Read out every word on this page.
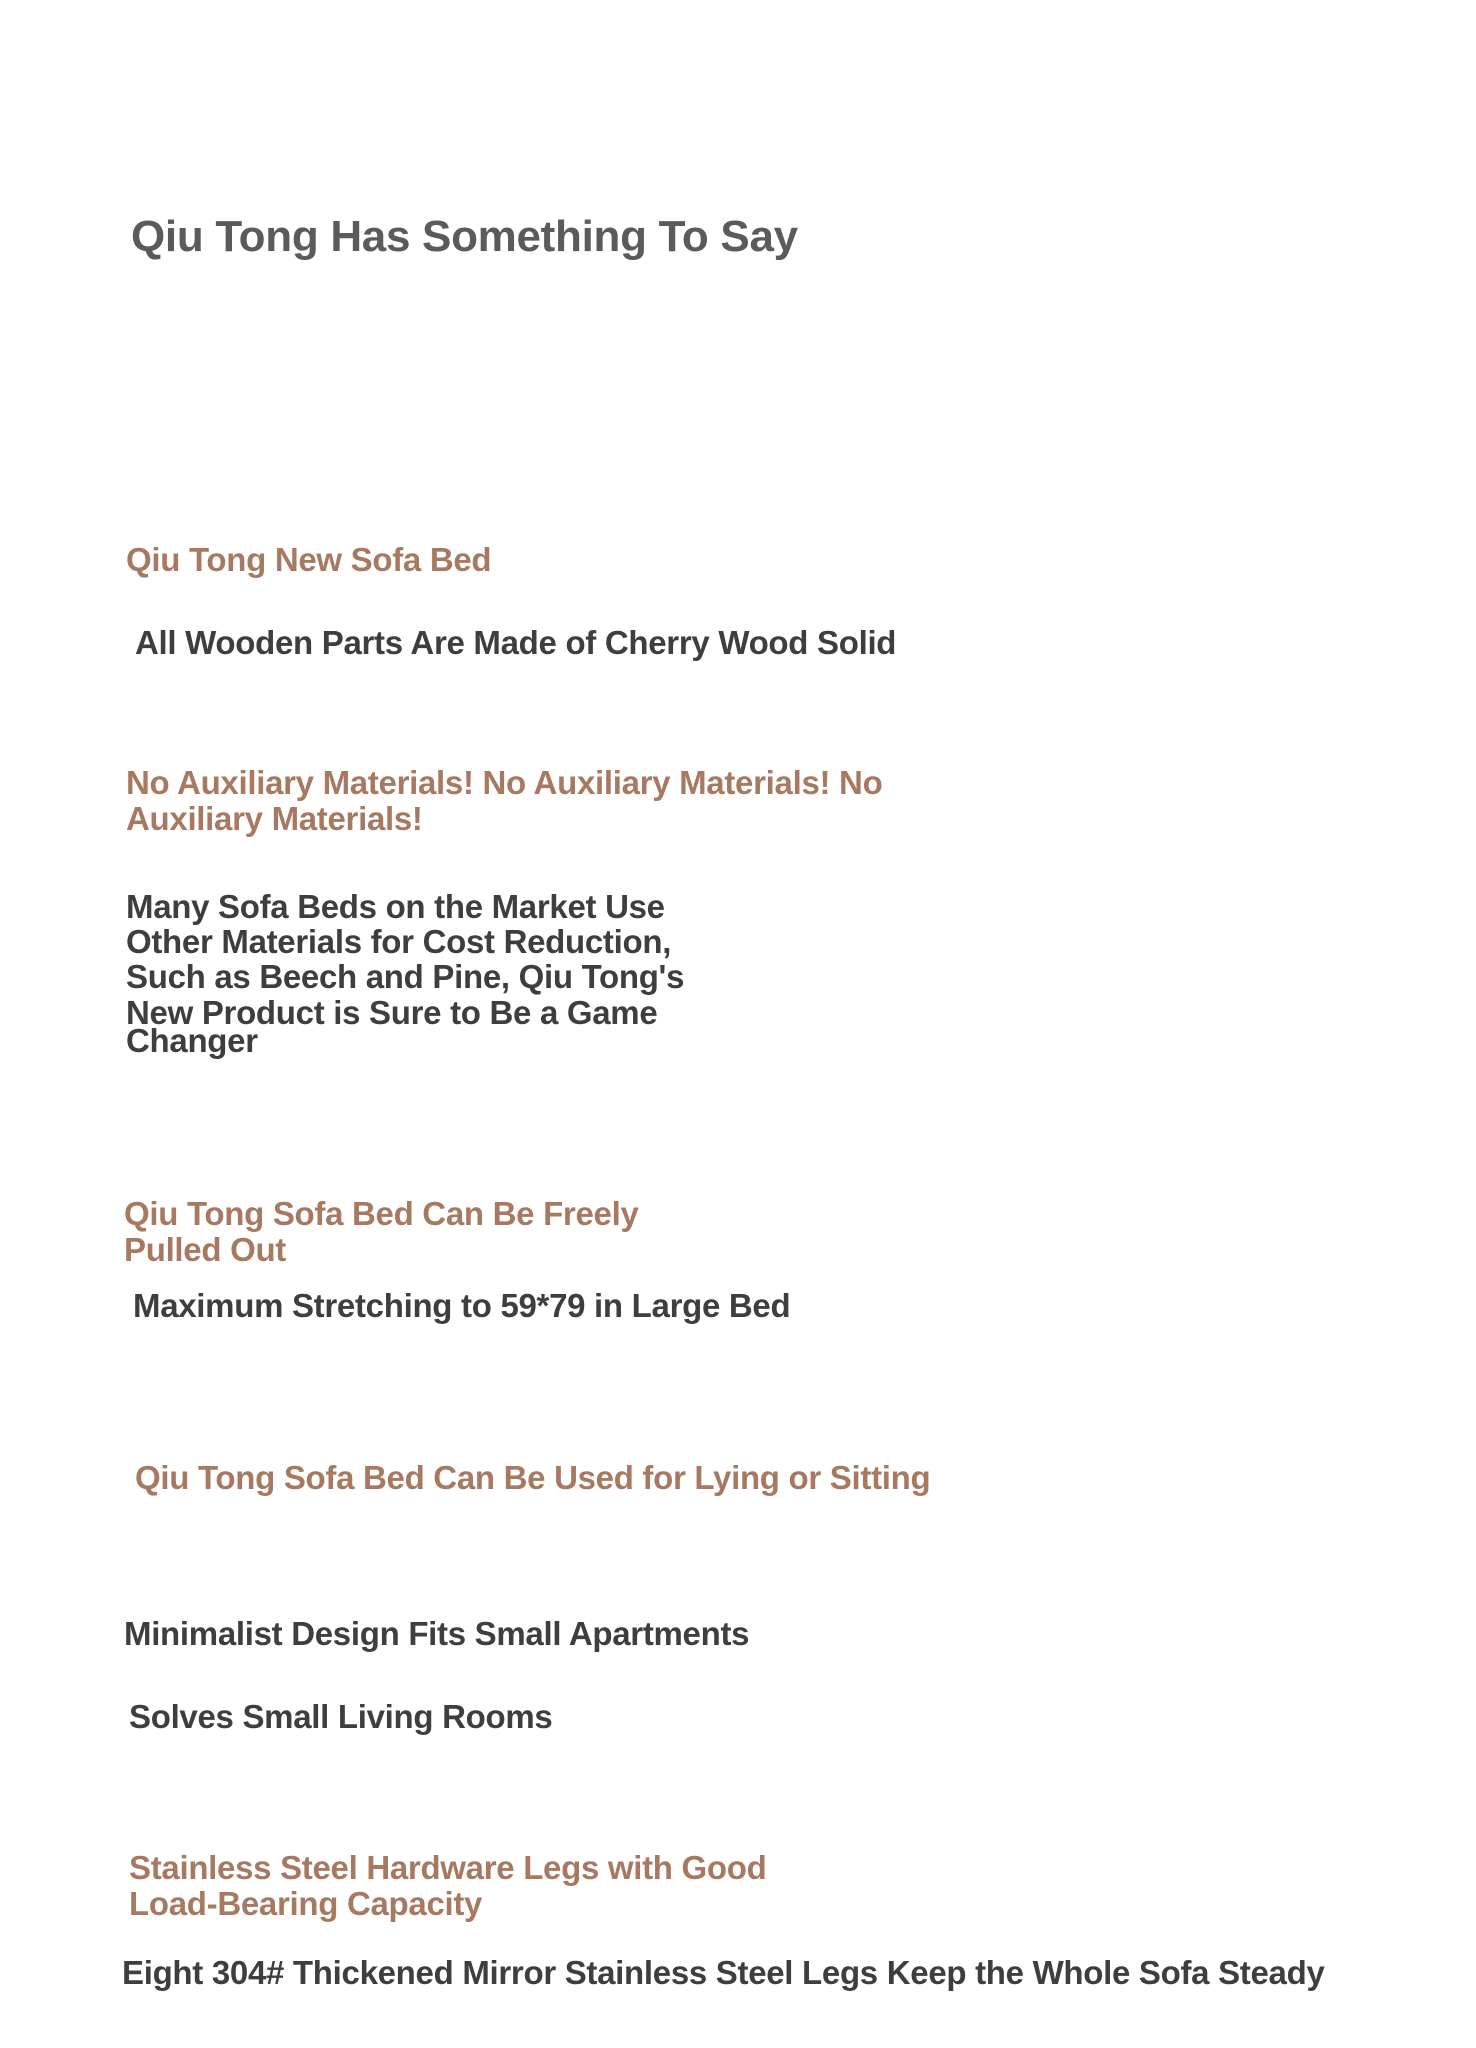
Qiu Tong Has Something To Say
Qiu Tong New Sofa Bed
All Wooden Parts Are Made of Cherry Wood Solid
No Auxiliary Materials! No Auxiliary Materials! No
Auxiliary Materials!
Many Sofa Beds on the Market Use
Other Materials for Cost Reduction,
Such as Beech and Pine, Qiu Tong's
New Product is Sure to Be a Game
Changer
Qiu Tong Sofa Bed Can Be Freely
Pulled Out
Maximum Stretching to 59*79 in Large Bed
Qiu Tong Sofa Bed Can Be Used for Lying or Sitting
Minimalist Design Fits Small Apartments
Solves Small Living Rooms
Stainless Steel Hardware Legs with Good
Load-Bearing Capacity
Eight 304# Thickened Mirror Stainless Steel Legs Keep the Whole Sofa Steady
